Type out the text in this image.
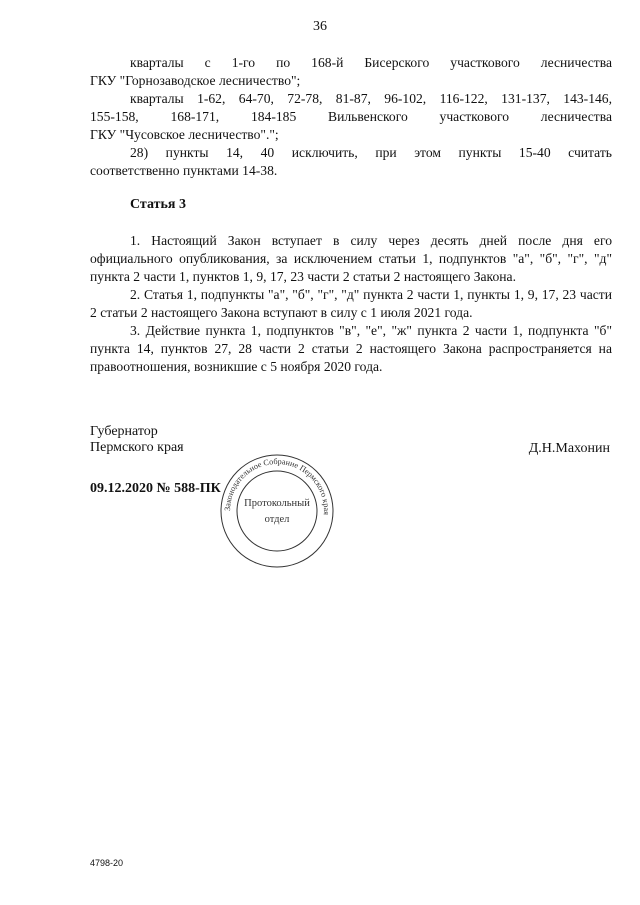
36

кварталы с 1-го по 168-й Бисерского участкового лесничества

ГКУ "Горнозаводское лесничество";

кварталы 1-62, 64-70, 72-78, 81-87, 96-102, 116-122, 131-137, 143-146,

155-158, 168-171, 184-185 Вильвенского участкового лесничества

ГКУ "Чусовское лесничество".";

28) пункты 14, 40 исключить, при этом пункты 15-40 считать

соответственно пунктами 14-38.

Статья 3

1. Настоящий Закон вступает в силу через десять дней после дня его официального опубликования, за исключением статьи 1, подпунктов "а", "б", "г", "д" пункта 2 части 1, пунктов 1, 9, 17, 23 части 2 статьи 2 настоящего Закона.

2. Статья 1, подпункты "а", "б", "г", "д" пункта 2 части 1, пункты 1, 9, 17, 23 части 2 статьи 2 настоящего Закона вступают в силу с 1 июля 2021 года.

3. Действие пункта 1, подпунктов "в", "е", "ж" пункта 2 части 1, подпункта "б" пункта 14, пунктов 27, 28 части 2 статьи 2 настоящего Закона распространяется на правоотношения, возникшие с 5 ноября 2020 года.

Губернатор
Пермского края	Д.Н.Махонин
09.12.2020 № 588-ПК
Законодательное Собрание Пермского края
Протокольный
отдел
4798-20
